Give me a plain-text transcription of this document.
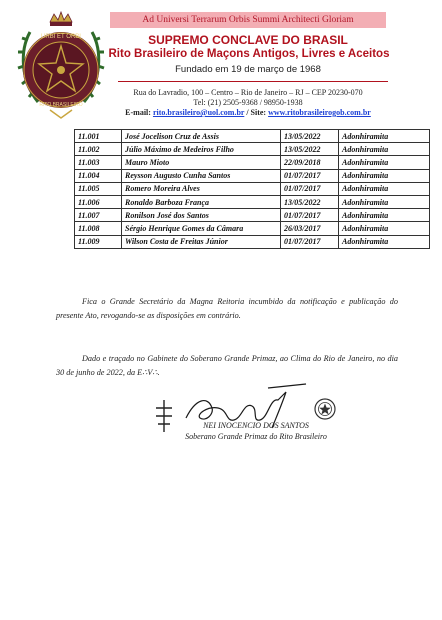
Ad Universi Terrarum Orbis Summi Architecti Gloriam
URBI ET ORBI
RITO BRASILEIRO
SUPREMO CONCLAVE DO BRASIL
Rito Brasileiro de Maçons Antigos, Livres e Aceitos
Fundado em 19 de março de 1968
Rua do Lavradio, 100 – Centro – Rio de Janeiro – RJ – CEP 20230-070
Tel: (21) 2505-9368 / 98950-1938
E-mail: rito.brasileiro@uol.com.br / Site: www.ritobrasileirogob.com.br
11.001	José Jocelison Cruz de Assis	13/05/2022	Adonhiramita
11.002	Júlio Máximo de Medeiros Filho	13/05/2022	Adonhiramita
11.003	Mauro Mioto	22/09/2018	Adonhiramita
11.004	Reysson Augusto Cunha Santos	01/07/2017	Adonhiramita
11.005	Romero Moreira Alves	01/07/2017	Adonhiramita
11.006	Ronaldo Barboza França	13/05/2022	Adonhiramita
11.007	Ronilson José dos Santos	01/07/2017	Adonhiramita
11.008	Sérgio Henrique Gomes da Câmara	26/03/2017	Adonhiramita
11.009	Wilson Costa de Freitas Júnior	01/07/2017	Adonhiramita
Fica o Grande Secretário da Magna Reitoria incumbido da notificação e publicação do presente Ato, revogando-se as disposições em contrário.
Dado e traçado no Gabinete do Soberano Grande Primaz, ao Clima do Rio de Janeiro, no dia 30 de junho de 2022, da E∴V∴.
NEI INOCENCIO DOS SANTOS
Soberano Grande Primaz do Rito Brasileiro
